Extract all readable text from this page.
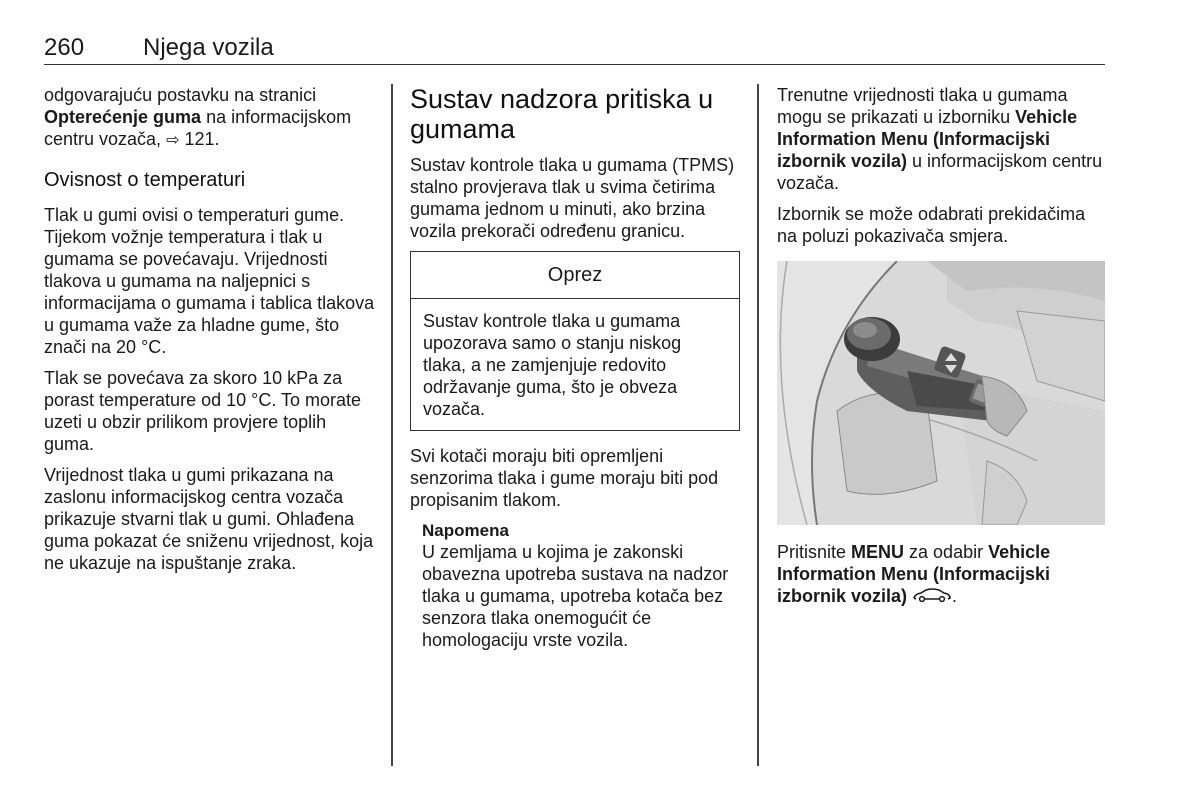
260 Njega vozila

odgovarajuću postavku na stranici Opterećenje guma na informacijskom centru vozača, ⇨ 121.

Ovisnost o temperaturi

Tlak u gumi ovisi o temperaturi gume. Tijekom vožnje temperatura i tlak u gumama se povećavaju. Vrijednosti tlakova u gumama na naljepnici s informacijama o gumama i tablica tlakova u gumama važe za hladne gume, što znači na 20 °C.

Tlak se povećava za skoro 10 kPa za porast temperature od 10 °C. To morate uzeti u obzir prilikom provjere toplih guma.

Vrijednost tlaka u gumi prikazana na zaslonu informacijskog centra vozača prikazuje stvarni tlak u gumi. Ohlađena guma pokazat će sniženu vrijednost, koja ne ukazuje na ispuštanje zraka.

Sustav nadzora pritiska u gumama

Sustav kontrole tlaka u gumama (TPMS) stalno provjerava tlak u svima četirima gumama jednom u minuti, ako brzina vozila prekorači određenu granicu.

Oprez
Sustav kontrole tlaka u gumama upozorava samo o stanju niskog tlaka, a ne zamjenjuje redovito održavanje guma, što je obveza vozača.

Svi kotači moraju biti opremljeni senzorima tlaka i gume moraju biti pod propisanim tlakom.

Napomena
U zemljama u kojima je zakonski obavezna upotreba sustava na nadzor tlaka u gumama, upotreba kotača bez senzora tlaka onemogućit će homologaciju vrste vozila.

Trenutne vrijednosti tlaka u gumama mogu se prikazati u izborniku Vehicle Information Menu (Informacijski izbornik vozila) u informacijskom centru vozača.

Izbornik se može odabrati prekidačima na poluzi pokazivača smjera.

Pritisnite MENU za odabir Vehicle Information Menu (Informacijski izbornik vozila)	.
